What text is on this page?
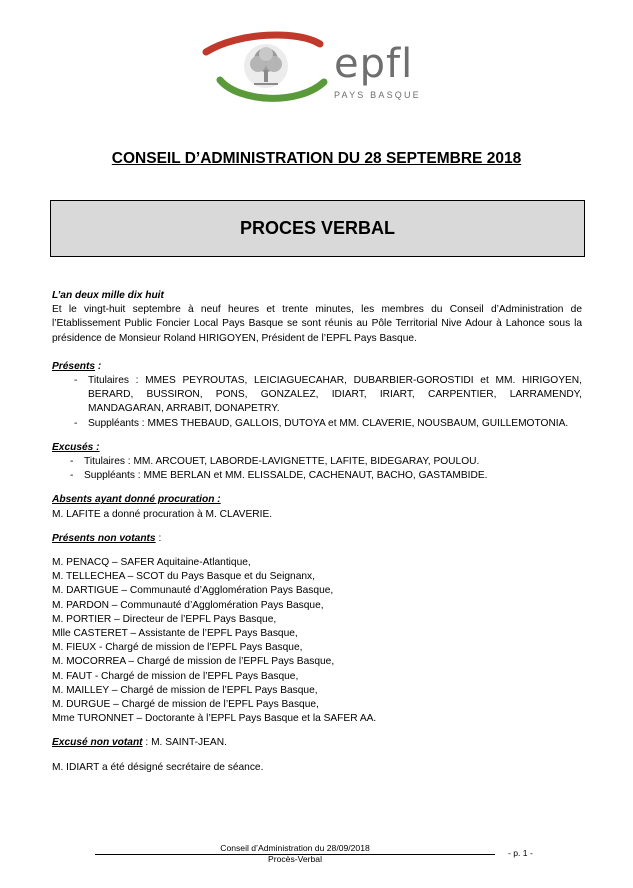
epfl
PAYS BASQUE
CONSEIL D’ADMINISTRATION DU 28 SEPTEMBRE 2018
PROCES VERBAL
L’an deux mille dix huit
Et le vingt-huit septembre à neuf heures et trente minutes, les membres du Conseil d’Administration de l’Etablissement Public Foncier Local Pays Basque se sont réunis au Pôle Territorial Nive Adour à Lahonce sous la présidence de Monsieur Roland HIRIGOYEN, Président de l’EPFL Pays Basque.
Présents :
- Titulaires : MMES PEYROUTAS, LEICIAGUECAHAR, DUBARBIER-GOROSTIDI et MM. HIRIGOYEN, BERARD, BUSSIRON, PONS, GONZALEZ, IDIART, IRIART, CARPENTIER, LARRAMENDY, MANDAGARAN, ARRABIT, DONAPETRY.
- Suppléants : MMES THEBAUD, GALLOIS, DUTOYA et MM. CLAVERIE, NOUSBAUM, GUILLEMOTONIA.
Excusés :
- Titulaires : MM. ARCOUET, LABORDE-LAVIGNETTE, LAFITE, BIDEGARAY, POULOU.
- Suppléants : MME BERLAN et MM. ELISSALDE, CACHENAUT, BACHO, GASTAMBIDE.
Absents ayant donné procuration :
M. LAFITE a donné procuration à M. CLAVERIE.
Présents non votants :
M. PENACQ – SAFER Aquitaine-Atlantique,
M. TELLECHEA – SCOT du Pays Basque et du Seignanx,
M. DARTIGUE – Communauté d’Agglomération Pays Basque,
M. PARDON – Communauté d’Agglomération Pays Basque,
M. PORTIER – Directeur de l’EPFL Pays Basque,
Mlle CASTERET – Assistante de l’EPFL Pays Basque,
M. FIEUX - Chargé de mission de l’EPFL Pays Basque,
M. MOCORREA – Chargé de mission de l’EPFL Pays Basque,
M. FAUT - Chargé de mission de l’EPFL Pays Basque,
M. MAILLEY – Chargé de mission de l’EPFL Pays Basque,
M. DURGUE – Chargé de mission de l’EPFL Pays Basque,
Mme TURONNET – Doctorante à l’EPFL Pays Basque et la SAFER AA.
Excusé non votant : M. SAINT-JEAN.
M. IDIART a été désigné secrétaire de séance.
Conseil d’Administration du 28/09/2018
Procès-Verbal
- p. 1 -
